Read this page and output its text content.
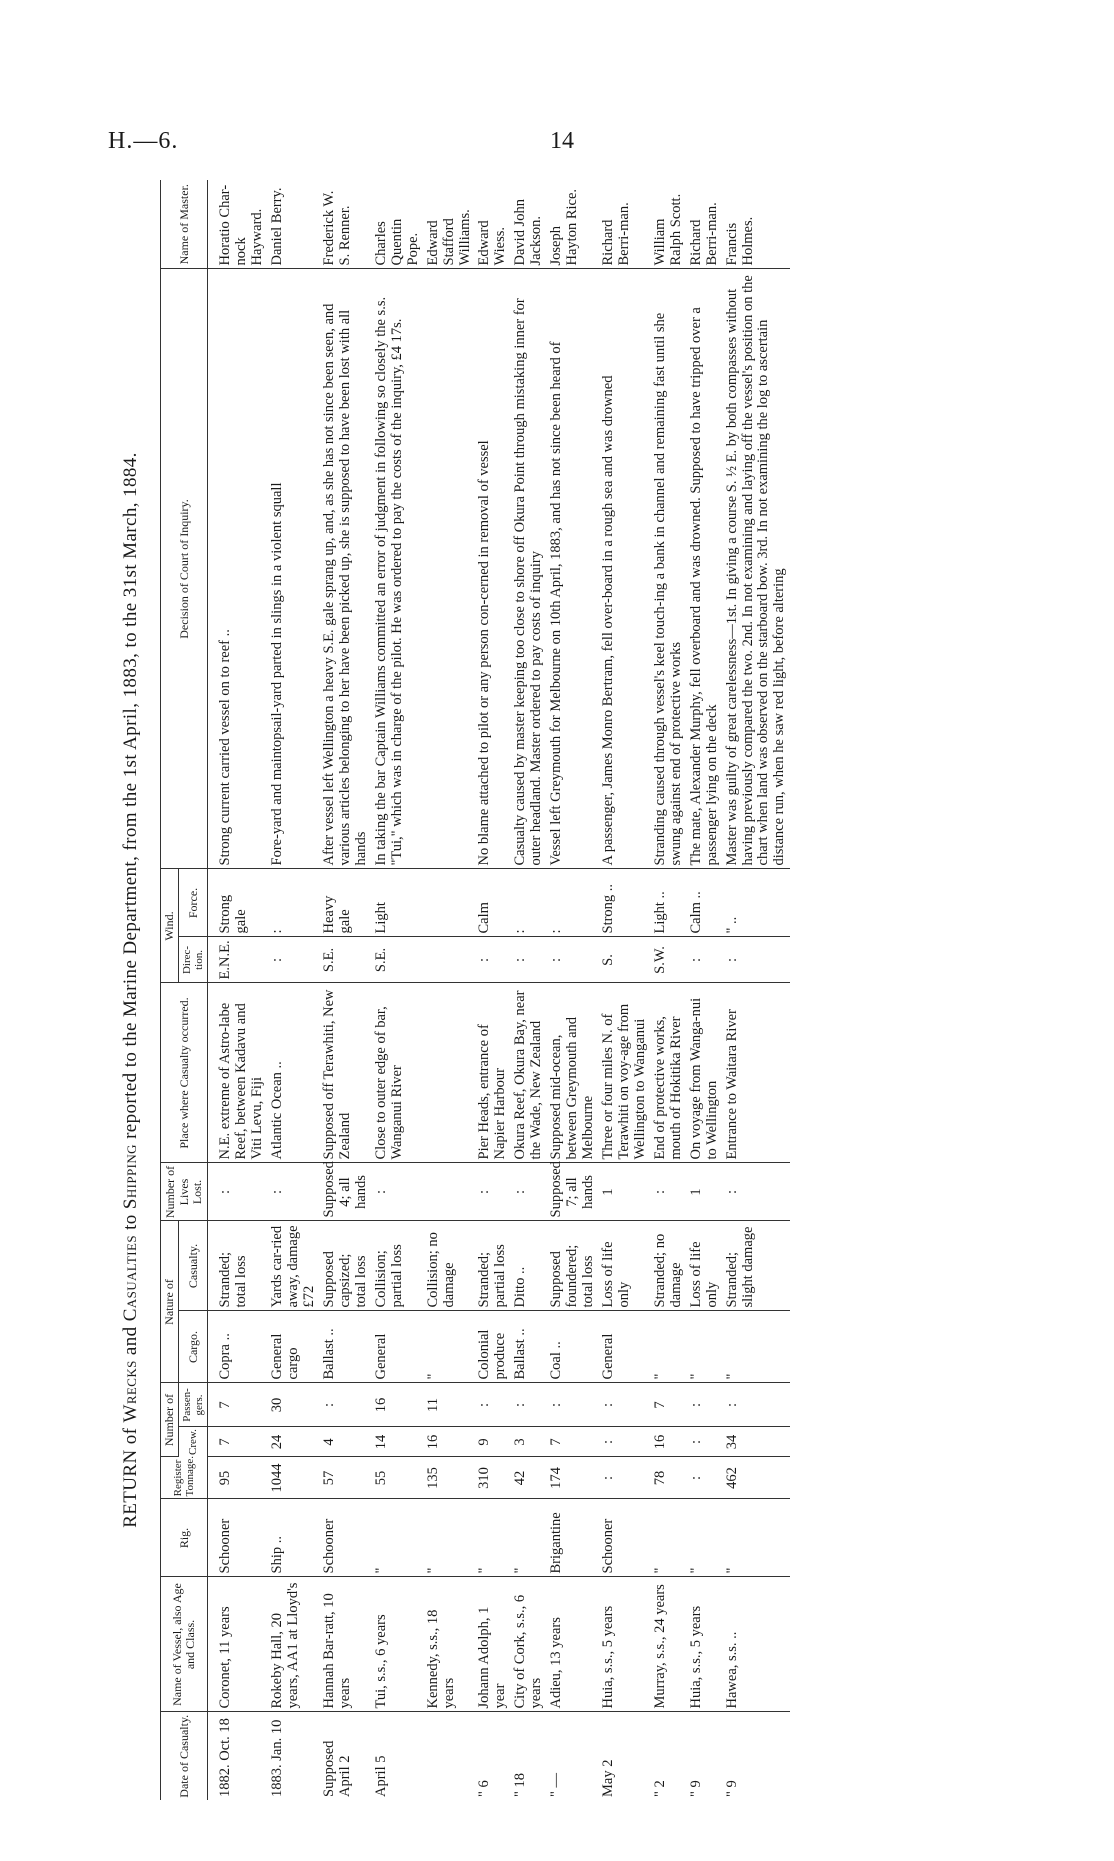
H.—6.	14
RETURN of Wrecks and Casualties to Shipping reported to the Marine Department, from the 1st April, 1883, to the 31st March, 1884.
Date of Casualty.	Name of Vessel, also Age and Class.	Rig.	Register Tonnage.	Number of		Nature of		Number of Lives Lost.	Place where Casualty occurred.	Wind.		Decision of Court of Inquiry.	Name of Master.
				Crew.	Passen-gers.	Cargo.	Casualty.			Direc-tion.	Force.		
1882. Oct. 18	Coronet, 11 years	Schooner	95	7	7	Copra ..	Stranded; total loss	:	N.E. extreme of Astro-labe Reef, between Kadavu and Viti Levu, Fiji	E.N.E.	Strong gale	Strong current carried vessel on to reef ..	Horatio Char-nock Hayward.
1883. Jan. 10	Rokeby Hall, 20 years, AA1 at Lloyd's	Ship ..	1044	24	30	General cargo	Yards car-ried away, damage £72	:	Atlantic Ocean ..	:	:	Fore-yard and maintopsail-yard parted in slings in a violent squall	Daniel Berry.
Supposed April 2	Hannah Bar-ratt, 10 years	Schooner	57	4	:	Ballast ..	Supposed capsized; total loss	Supposed 4; all hands	Supposed off Terawhiti, New Zealand	S.E.	Heavy gale	After vessel left Wellington a heavy S.E. gale sprang up, and, as she has not since been seen, and various articles belonging to her have been picked up, she is supposed to have been lost with all hands	Frederick W. S. Renner.
April 5	Tui, s.s., 6 years	"	55	14	16	General	Collision; partial loss	:	Close to outer edge of bar, Wanganui River	S.E.	Light	In taking the bar Captain Williams committed an error of judgment in following so closely the s.s. "Tui," which was in charge of the pilot. He was ordered to pay the costs of the inquiry, £4 17s.	Charles Quentin Pope.
	Kennedy, s.s., 18 years	"	135	16	11	"	Collision; no damage						Edward Stafford Williams.
" 6	Johann Adolph, 1 year	"	310	9	:	Colonial produce	Stranded; partial loss	:	Pier Heads, entrance of Napier Harbour	:	Calm	No blame attached to pilot or any person con-cerned in removal of vessel	Edward Wiess.
" 18	City of Cork, s.s., 6 years	"	42	3	:	Ballast ..	Ditto ..	:	Okura Reef, Okura Bay, near the Wade, New Zealand	:	:	Casualty caused by master keeping too close to shore off Okura Point through mistaking inner for outer headland. Master ordered to pay costs of inquiry	David John Jackson.
" —	Adieu, 13 years	Brigantine	174	7	:	Coal ..	Supposed foundered; total loss	Supposed 7; all hands	Supposed mid-ocean, between Greymouth and Melbourne	:	:	Vessel left Greymouth for Melbourne on 10th April, 1883, and has not since been heard of	Joseph Hayton Rice.
May 2	Huia, s.s., 5 years	Schooner	:	:	:	General	Loss of life only	1	Three or four miles N. of Terawhiti on voy-age from Wellington to Wanganui	S.	Strong ..	A passenger, James Monro Bertram, fell over-board in a rough sea and was drowned	Richard Berri-man.
" 2	Murray, s.s., 24 years	"	78	16	7	"	Stranded; no damage	:	End of protective works, mouth of Hokitika River	S.W.	Light ..	Stranding caused through vessel's keel touch-ing a bank in channel and remaining fast until she swung against end of protective works	William Ralph Scott.
" 9	Huia, s.s., 5 years	"	:	:	:	"	Loss of life only	1	On voyage from Wanga-nui to Wellington	:	Calm ..	The mate, Alexander Murphy, fell overboard and was drowned. Supposed to have tripped over a passenger lying on the deck	Richard Berri-man.
" 9	Hawea, s.s. ..	"	462	34	:	"	Stranded; slight damage	:	Entrance to Waitara River	:	" ..	Master was guilty of great carelessness—1st. In giving a course S. ½ E. by both compasses without having previously compared the two. 2nd. In not examining and laying off the vessel's position on the chart when land was observed on the starboard bow. 3rd. In not examining the log to ascertain distance run, when he saw red light, before altering	Francis Holmes.
